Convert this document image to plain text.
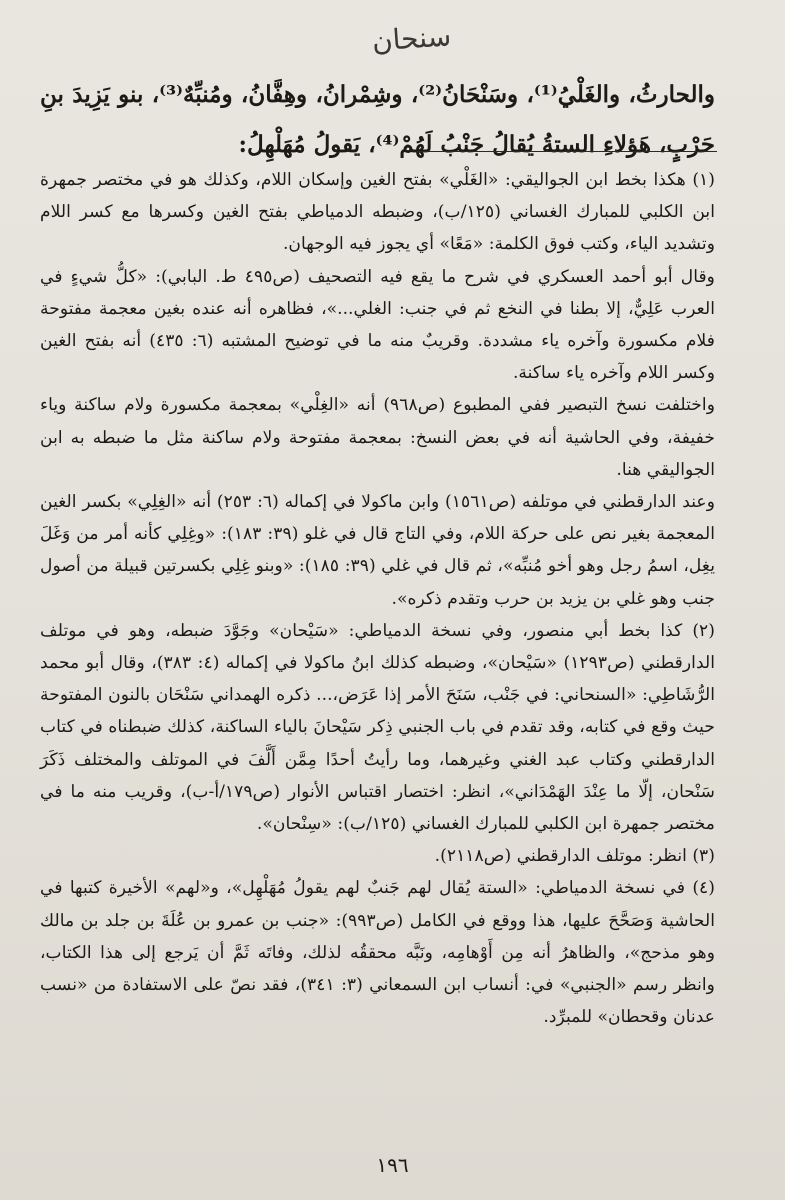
سنحان
والحارثُ، والغَلْيُ⁽¹⁾، وسَنْحَانُ⁽²⁾، وشِمْرانُ، وهِفَّانُ، ومُنبِّهٌ⁽³⁾، بنو يَزِيدَ بنِ حَرْبٍ، هَؤلاءِ الستةُ يُقالُ جَنْبُ لَهُمْ⁽⁴⁾، يَقولُ مُهَلْهِلُ:

(١) هكذا بخط ابن الجواليقي: «الغَلْي» بفتح الغين وإسكان اللام، وكذلك هو في مختصر جمهرة ابن الكلبي للمبارك الغساني (١٢٥/ب)، وضبطه الدمياطي بفتح الغين وكسرها مع كسر اللام وتشديد الياء، وكتب فوق الكلمة: «مَعًا» أي يجوز فيه الوجهان.

وقال أبو أحمد العسكري في شرح ما يقع فيه التصحيف (ص٤٩٥ ط. البابي): «كلُّ شيءٍ في العرب عَلِيٌّ، إلا بطنا في النخع ثم في جنب: الغلي...»، فظاهره أنه عنده بغين معجمة مفتوحة فلام مكسورة وآخره ياء مشددة. وقريبٌ منه ما في توضيح المشتبه (٦: ٤٣٥) أنه بفتح الغين وكسر اللام وآخره ياء ساكنة.

واختلفت نسخ التبصير ففي المطبوع (ص٩٦٨) أنه «الغِلْي» بمعجمة مكسورة ولام ساكنة وياء خفيفة، وفي الحاشية أنه في بعض النسخ: بمعجمة مفتوحة ولام ساكنة مثل ما ضبطه به ابن الجواليقي هنا.

وعند الدارقطني في موتلفه (ص١٥٦١) وابن ماكولا في إكماله (٦: ٢٥٣) أنه «الغِلِي» بكسر الغين المعجمة بغير نص على حركة اللام، وفي التاج قال في غلو (٣٩: ١٨٣): «وغِلِي كأنه أمر من وَغَلَ يغِل، اسمُ رجل وهو أخو مُنبِّه»، ثم قال في غلي (٣٩: ١٨٥): «وبنو غِلِي بكسرتين قبيلة من أصول جنب وهو غلي بن يزيد بن حرب وتقدم ذكره».

(٢) كذا بخط أبي منصور، وفي نسخة الدمياطي: «سَيْحان» وجَوَّدَ ضبطه، وهو في موتلف الدارقطني (ص١٢٩٣) «سَيْحان»، وضبطه كذلك ابنُ ماكولا في إكماله (٤: ٣٨٣)، وقال أبو محمد الرُّشَاطِي: «السنحاني: في جَنْب، سَنَحَ الأمر إذا عَرَض،... ذكره الهمداني سَنْحَان بالنون المفتوحة حيث وقع في كتابه، وقد تقدم في باب الجنبي ذِكر سَيْحانَ بالياء الساكنة، كذلك ضبطناه في كتاب الدارقطني وكتاب عبد الغني وغيرهما، وما رأيتُ أحدًا مِمَّن أَلَّفَ في الموتلف والمختلف ذَكَرَ سَنْحان، إلّا ما عِنْدَ الهَمْدَاني»، انظر: اختصار اقتباس الأنوار (ص١٧٩/أ-ب)، وقريب منه ما في مختصر جمهرة ابن الكلبي للمبارك الغساني (١٢٥/ب): «سِنْحان».

(٣) انظر: موتلف الدارقطني (ص٢١١٨).

(٤) في نسخة الدمياطي: «الستة يُقال لهم جَنبٌ لهم يقولُ مُهَلْهِل»، و«لهم» الأخيرة كتبها في الحاشية وَصَحَّحَ عليها، هذا ووقع في الكامل (ص٩٩٣): «جنب بن عمرو بن عُلَةَ بن جلد بن مالك وهو مذحج»، والظاهرُ أنه مِن أَوْهامِه، ونَبَّه محققُه لذلك، وفاتَه ثَمَّ أن يَرجع إلى هذا الكتاب، وانظر رسم «الجنبي» في: أنساب ابن السمعاني (٣: ٣٤١)، فقد نصّ على الاستفادة من «نسب عدنان وقحطان» للمبرِّد.

١٩٦
